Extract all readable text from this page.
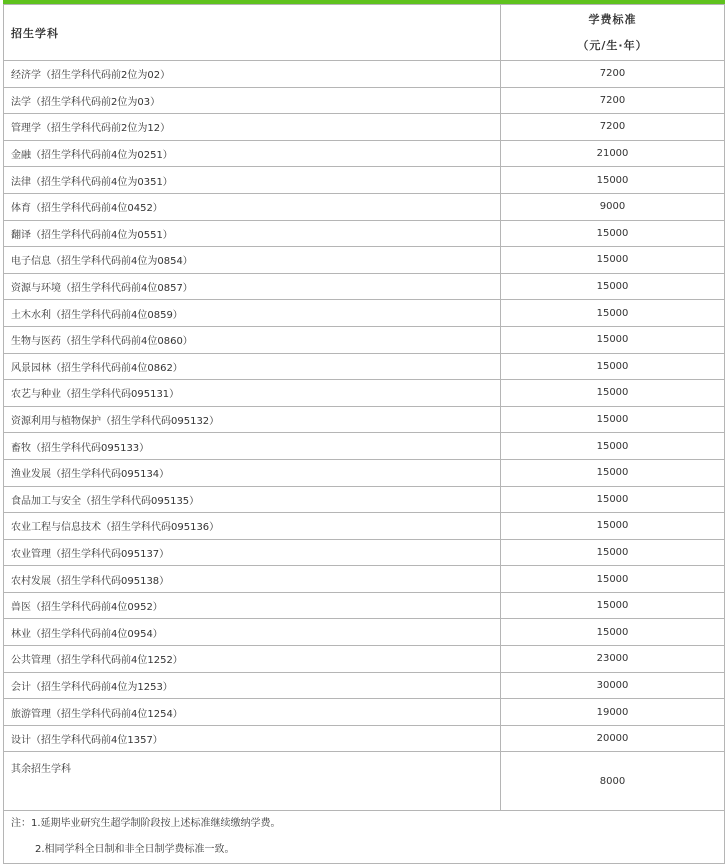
招生学科	学费标准
（元/生·年）

经济学（招生学科代码前2位为02）	7200
法学（招生学科代码前2位为03）	7200
管理学（招生学科代码前2位为12）	7200
金融（招生学科代码前4位为0251）	21000
法律（招生学科代码前4位为0351）	15000
体育（招生学科代码前4位0452）	9000
翻译（招生学科代码前4位为0551）	15000
电子信息（招生学科代码前4位为0854）	15000
资源与环境（招生学科代码前4位0857）	15000
土木水利（招生学科代码前4位0859）	15000
生物与医药（招生学科代码前4位0860）	15000
风景园林（招生学科代码前4位0862）	15000
农艺与种业（招生学科代码095131）	15000
资源利用与植物保护（招生学科代码095132）	15000
畜牧（招生学科代码095133）	15000
渔业发展（招生学科代码095134）	15000
食品加工与安全（招生学科代码095135）	15000
农业工程与信息技术（招生学科代码095136）	15000
农业管理（招生学科代码095137）	15000
农村发展（招生学科代码095138）	15000
兽医（招生学科代码前4位0952）	15000
林业（招生学科代码前4位0954）	15000
公共管理（招生学科代码前4位1252）	23000
会计（招生学科代码前4位为1253）	30000
旅游管理（招生学科代码前4位1254）	19000
设计（招生学科代码前4位1357）	20000
其余招生学科	8000

注：1.延期毕业研究生超学制阶段按上述标准继续缴纳学费。
2.相同学科全日制和非全日制学费标准一致。	
